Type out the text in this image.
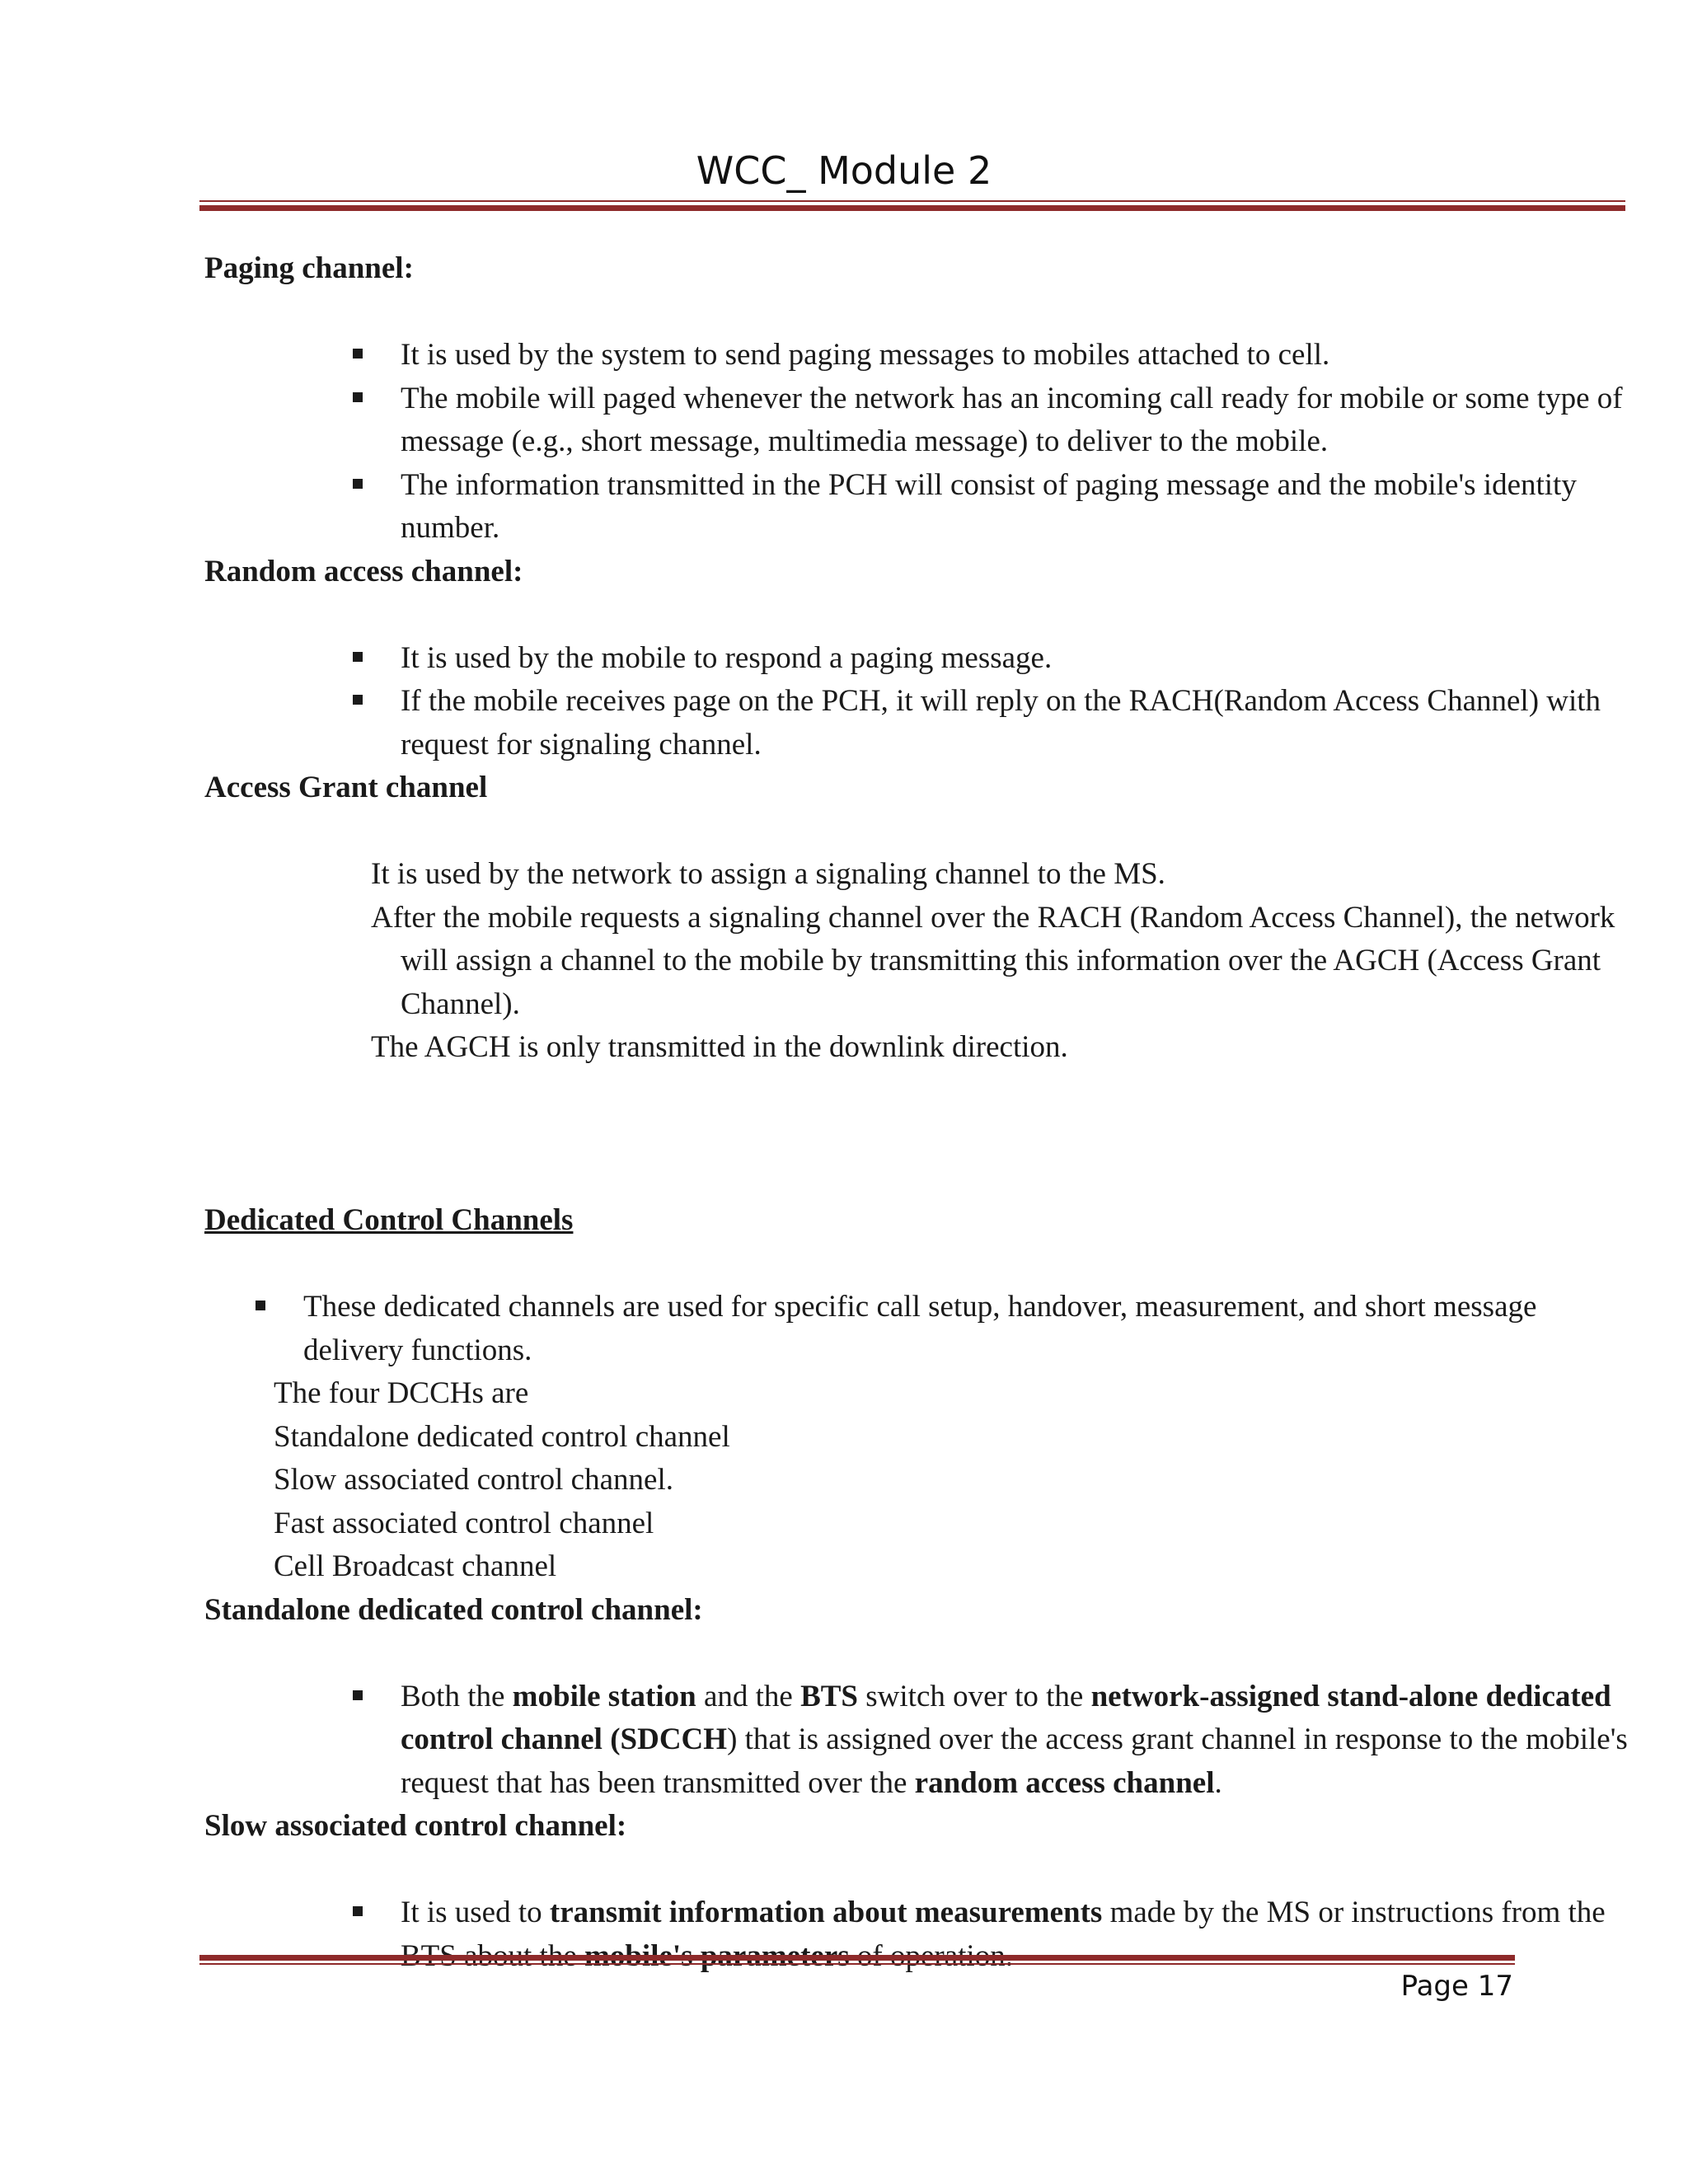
WCC_ Module 2

Paging channel:

It is used by the system to send paging messages to mobiles attached to cell.
The mobile will paged whenever the network has an incoming call ready for mobile or some type of message (e.g., short message, multimedia message) to deliver to the mobile.
The information transmitted in the PCH will consist of paging message and the mobile's identity number.

Random access channel:

It is used by the mobile to respond a paging message.
If the mobile receives page on the PCH, it will reply on the RACH(Random Access Channel) with request for signaling channel.

Access Grant channel

It is used by the network to assign a signaling channel to the MS.
After the mobile requests a signaling channel over the RACH (Random Access Channel), the network will assign a channel to the mobile by transmitting this information over the AGCH (Access Grant Channel).
The AGCH is only transmitted in the downlink direction.

Dedicated Control Channels

These dedicated channels are used for specific call setup, handover, measurement, and short message delivery functions.
The four DCCHs are
Standalone dedicated control channel
Slow associated control channel.
Fast associated control channel
Cell Broadcast channel

Standalone dedicated control channel:

Both the mobile station and the BTS switch over to the network-assigned stand-alone dedicated control channel (SDCCH) that is assigned over the access grant channel in response to the mobile's request that has been transmitted over the random access channel.

Slow associated control channel:

It is used to transmit information about measurements made by the MS or instructions from the
Page 17
